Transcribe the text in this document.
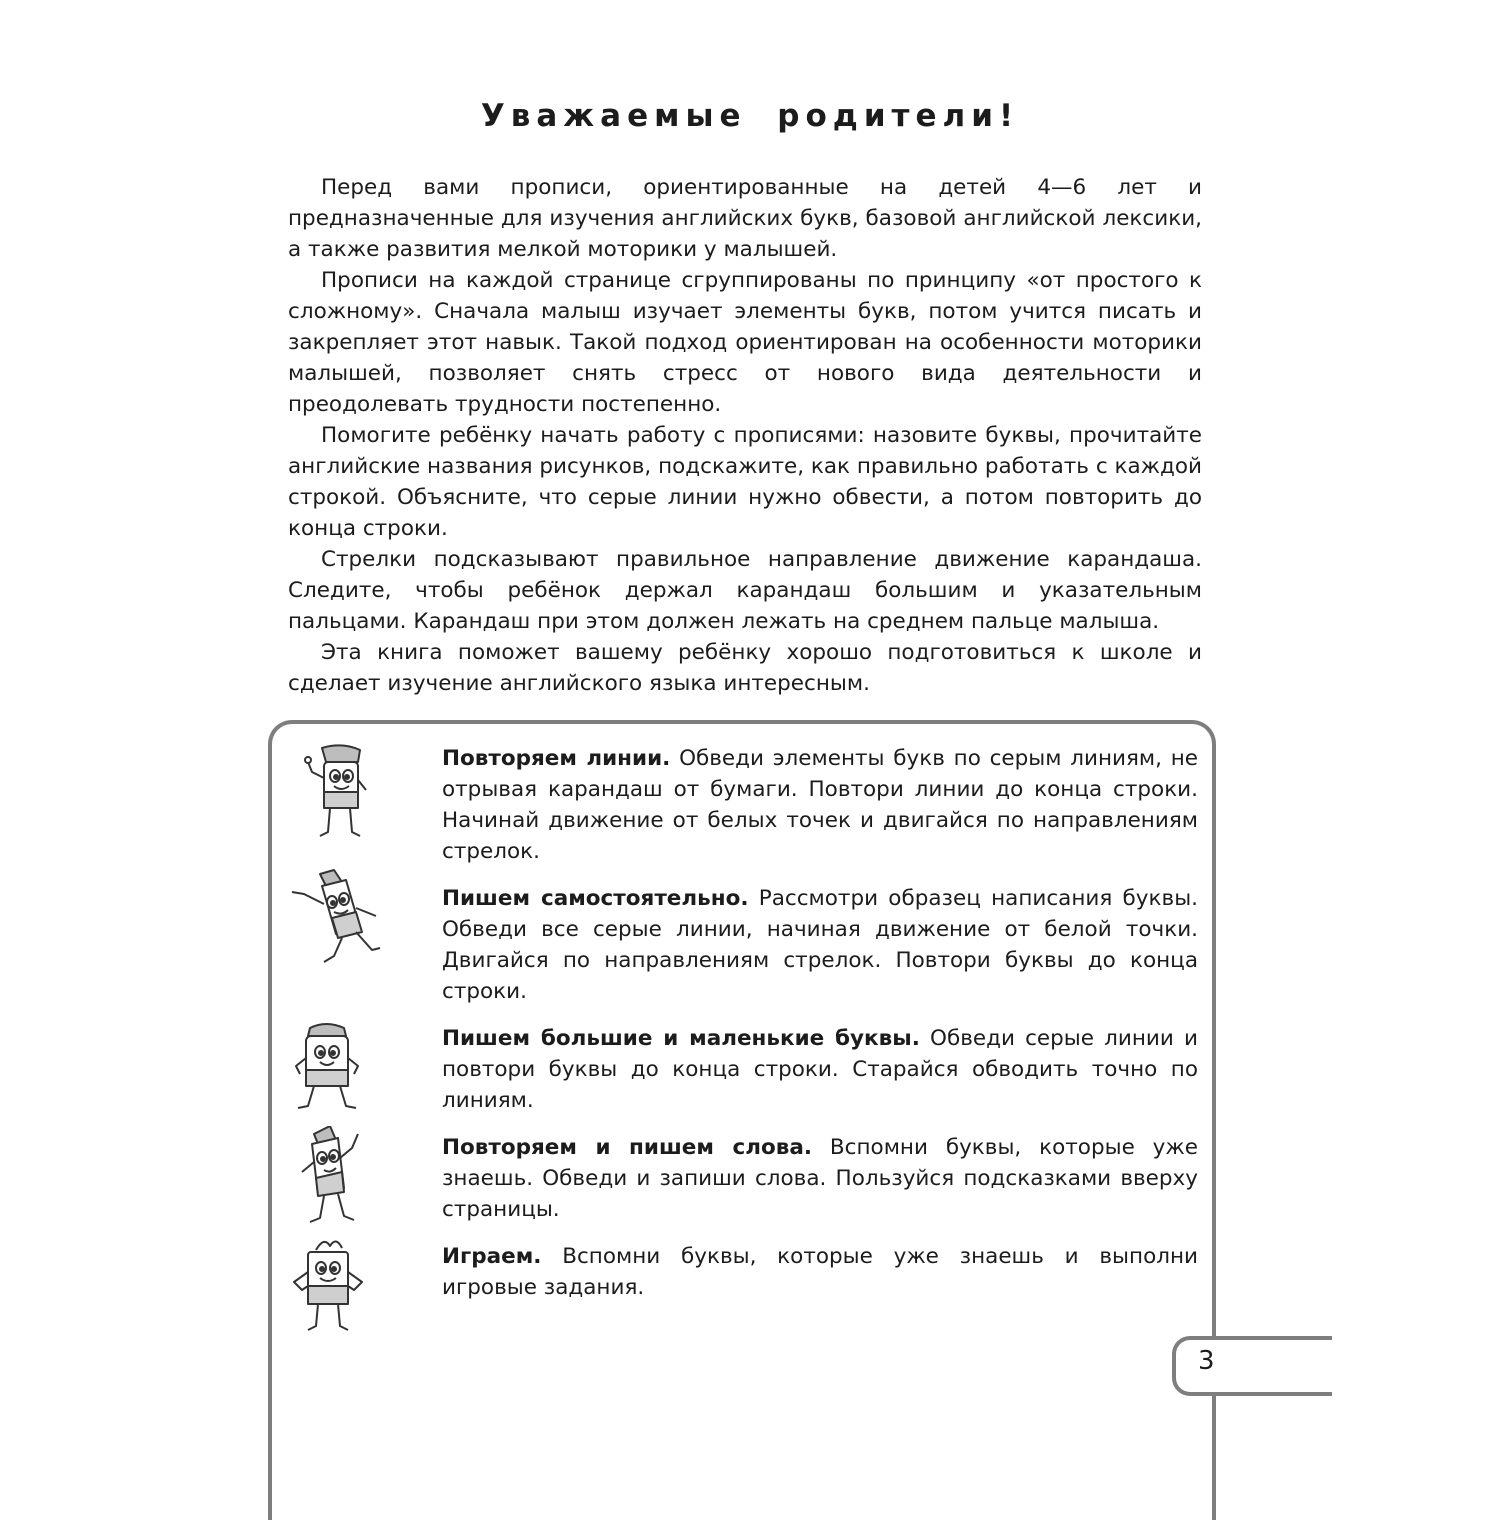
Уважаемые родители!

Перед вами прописи, ориентированные на детей 4—6 лет и предназначенные для изучения английских букв, базовой английской лексики, а также развития мелкой моторики у малышей.

Прописи на каждой странице сгруппированы по принципу «от простого к сложному». Сначала малыш изучает элементы букв, потом учится писать и закрепляет этот навык. Такой подход ориентирован на особенности моторики малышей, позволяет снять стресс от нового вида деятельности и преодолевать трудности постепенно.

Помогите ребёнку начать работу с прописями: назовите буквы, прочитайте английские названия рисунков, подскажите, как правильно работать с каждой строкой. Объясните, что серые линии нужно обвести, а потом повторить до конца строки.

Стрелки подсказывают правильное направление движение карандаша. Следите, чтобы ребёнок держал карандаш большим и указательным пальцами. Карандаш при этом должен лежать на среднем пальце малыша.

Эта книга поможет вашему ребёнку хорошо подготовиться к школе и сделает изучение английского языка интересным.

3

Повторяем линии. Обведи элементы букв по серым линиям, не отрывая карандаш от бумаги. Повтори линии до конца строки. Начинай движение от белых точек и двигайся по направлениям стрелок.

Пишем самостоятельно. Рассмотри образец написания буквы. Обведи все серые линии, начиная движение от белой точки. Двигайся по направлениям стрелок. Повтори буквы до конца строки.

Пишем большие и маленькие буквы. Обведи серые линии и повтори буквы до конца строки. Старайся обводить точно по линиям.

Повторяем и пишем слова. Вспомни буквы, которые уже знаешь. Обведи и запиши слова. Пользуйся подсказками вверху страницы.

Играем. Вспомни буквы, которые уже знаешь и выполни игровые задания.
